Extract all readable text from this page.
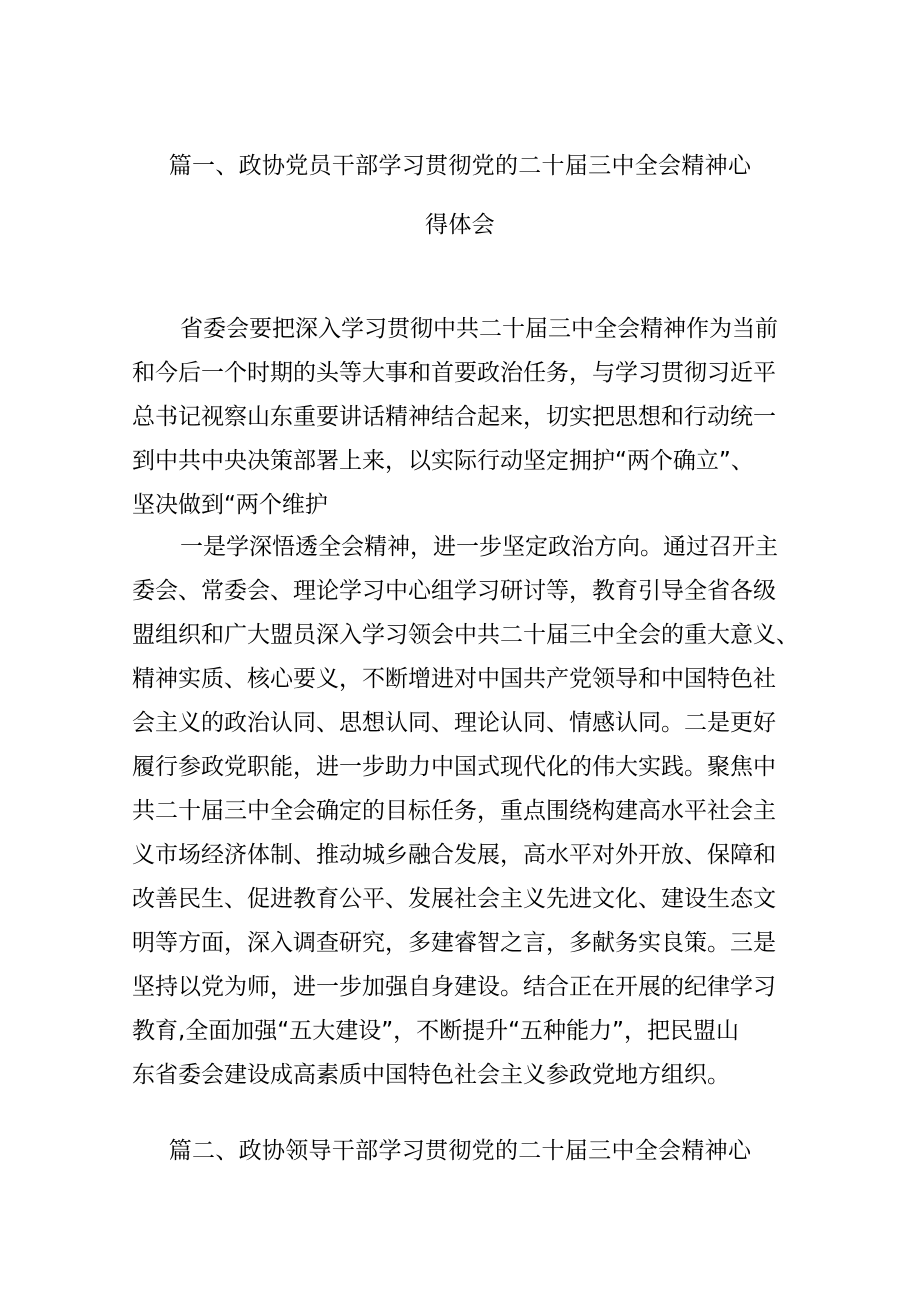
篇一、政协党员干部学习贯彻党的二十届三中全会精神心
得体会
省委会要把深入学习贯彻中共二十届三中全会精神作为当前
和今后一个时期的头等大事和首要政治任务，与学习贯彻习近平
总书记视察山东重要讲话精神结合起来，切实把思想和行动统一
到中共中央决策部署上来，以实际行动坚定拥护“两个确立”、
坚决做到“两个维护
一是学深悟透全会精神，进一步坚定政治方向。通过召开主
委会、常委会、理论学习中心组学习研讨等，教育引导全省各级
盟组织和广大盟员深入学习领会中共二十届三中全会的重大意义、
精神实质、核心要义，不断增进对中国共产党领导和中国特色社
会主义的政治认同、思想认同、理论认同、情感认同。二是更好
履行参政党职能，进一步助力中国式现代化的伟大实践。聚焦中
共二十届三中全会确定的目标任务，重点围绕构建高水平社会主
义市场经济体制、推动城乡融合发展，高水平对外开放、保障和
改善民生、促进教育公平、发展社会主义先进文化、建设生态文
明等方面，深入调查研究，多建睿智之言，多献务实良策。三是
坚持以党为师，进一步加强自身建设。结合正在开展的纪律学习
教育,全面加强“五大建设”，不断提升“五种能力”，把民盟山
东省委会建设成高素质中国特色社会主义参政党地方组织。
篇二、政协领导干部学习贯彻党的二十届三中全会精神心
